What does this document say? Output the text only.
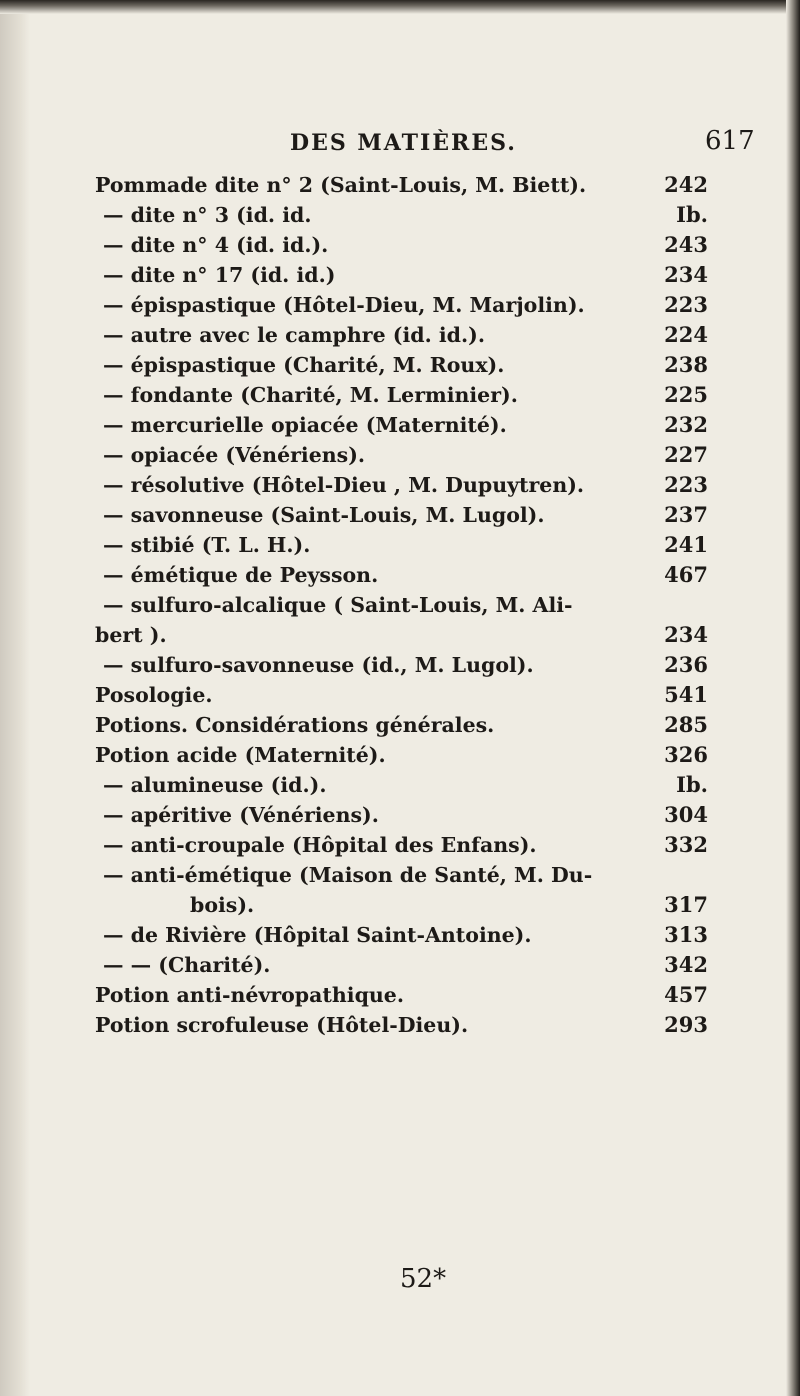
DES MATIÈRES.	617
Pommade dite n° 2 (Saint-Louis, M. Biett).	242
— dite n° 3 (id. id.	Ib.
— dite n° 4 (id. id.).	243
— dite n° 17 (id. id.)	234
— épispastique (Hôtel-Dieu, M. Marjolin).	223
— autre avec le camphre (id. id.).	224
— épispastique (Charité, M. Roux).	238
— fondante (Charité, M. Lerminier).	225
— mercurielle opiacée (Maternité).	232
— opiacée (Vénériens).	227
— résolutive (Hôtel-Dieu , M. Dupuytren).	223
— savonneuse (Saint-Louis, M. Lugol).	237
— stibié (T. L. H.).	241
— émétique de Peysson.	467
— sulfuro-alcalique ( Saint-Louis, M. Ali-
bert ).	234
— sulfuro-savonneuse (id., M. Lugol).	236
Posologie.	541
Potions. Considérations générales.	285
Potion acide (Maternité).	326
— alumineuse (id.).	Ib.
— apéritive (Vénériens).	304
— anti-croupale (Hôpital des Enfans).	332
— anti-émétique (Maison de Santé, M. Du-
bois).	317
— de Rivière (Hôpital Saint-Antoine).	313
— — (Charité).	342
Potion anti-névropathique.	457
Potion scrofuleuse (Hôtel-Dieu).	293
52*
